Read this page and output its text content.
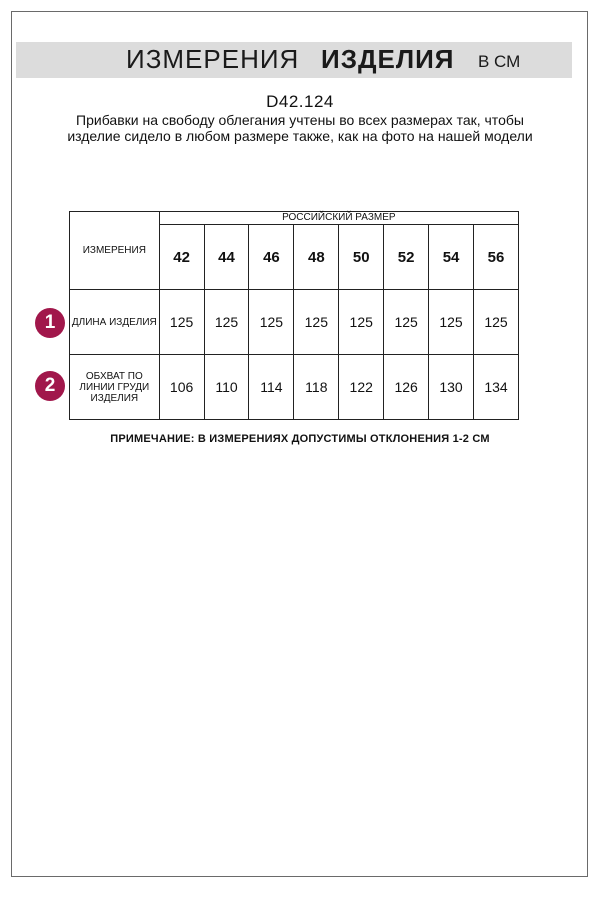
ИЗМЕРЕНИЯ ИЗДЕЛИЯ В СМ
D42.124
Прибавки на свободу облегания учтены во всех размерах так, чтобы изделие сидело в любом размере также, как на фото на нашей модели
ИЗМЕРЕНИЯ	РОССИЙСКИЙ РАЗМЕР							
	42	44	46	48	50	52	54	56
ДЛИНА ИЗДЕЛИЯ	125	125	125	125	125	125	125	125
ОБХВАТ ПО ЛИНИИ ГРУДИ ИЗДЕЛИЯ	106	110	114	118	122	126	130	134
1
2
ПРИМЕЧАНИЕ: В ИЗМЕРЕНИЯХ ДОПУСТИМЫ ОТКЛОНЕНИЯ 1-2 СМ
